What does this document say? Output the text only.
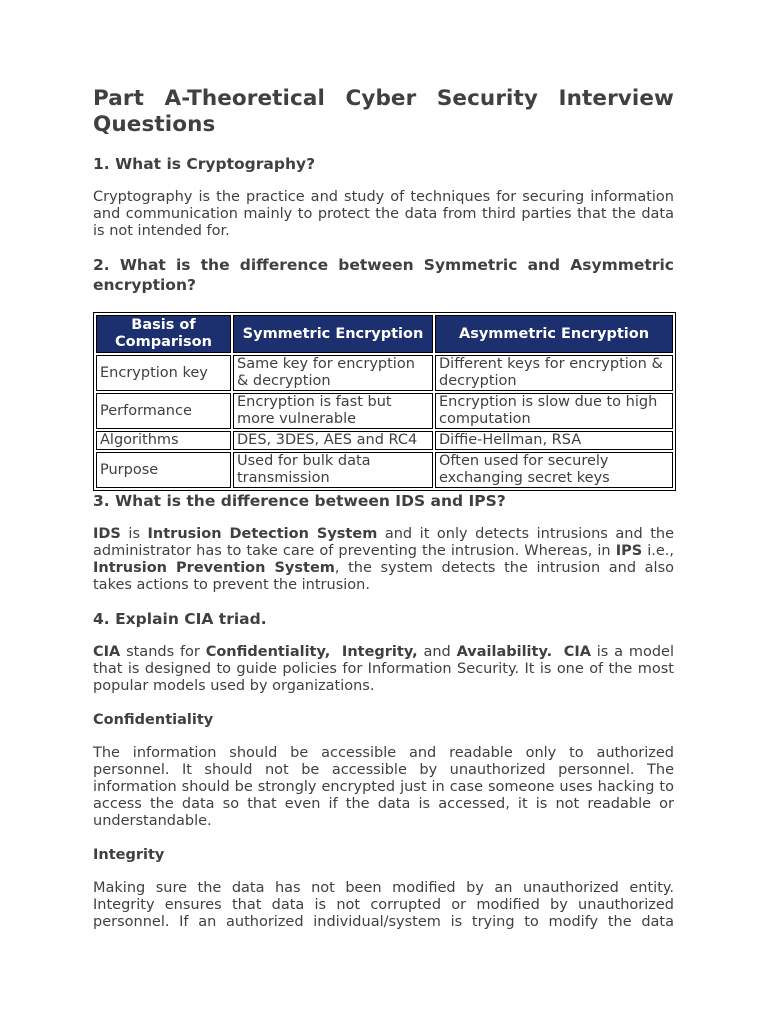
Part A-Theoretical Cyber Security Interview Questions
1. What is Cryptography?

Cryptography is the practice and study of techniques for securing information and communication mainly to protect the data from third parties that the data is not intended for.

2. What is the difference between Symmetric and Asymmetric encryption?
Basis of Comparison	Symmetric Encryption	Asymmetric Encryption
Encryption key	Same key for encryption & decryption	Different keys for encryption & decryption
Performance	Encryption is fast but more vulnerable	Encryption is slow due to high computation
Algorithms	DES, 3DES, AES and RC4	Diffie-Hellman, RSA
Purpose	Used for bulk data transmission	Often used for securely exchanging secret keys
3. What is the difference between IDS and IPS?

IDS is Intrusion Detection System and it only detects intrusions and the administrator has to take care of preventing the intrusion. Whereas, in IPS i.e., Intrusion Prevention System, the system detects the intrusion and also takes actions to prevent the intrusion.

4. Explain CIA triad.

CIA stands for Confidentiality, Integrity, and Availability. CIA is a model that is designed to guide policies for Information Security. It is one of the most popular models used by organizations.

Confidentiality

The information should be accessible and readable only to authorized personnel. It should not be accessible by unauthorized personnel. The information should be strongly encrypted just in case someone uses hacking to access the data so that even if the data is accessed, it is not readable or understandable.

Integrity

Making sure the data has not been modified by an unauthorized entity. Integrity ensures that data is not corrupted or modified by unauthorized personnel. If an authorized individual/system is trying to modify the data
